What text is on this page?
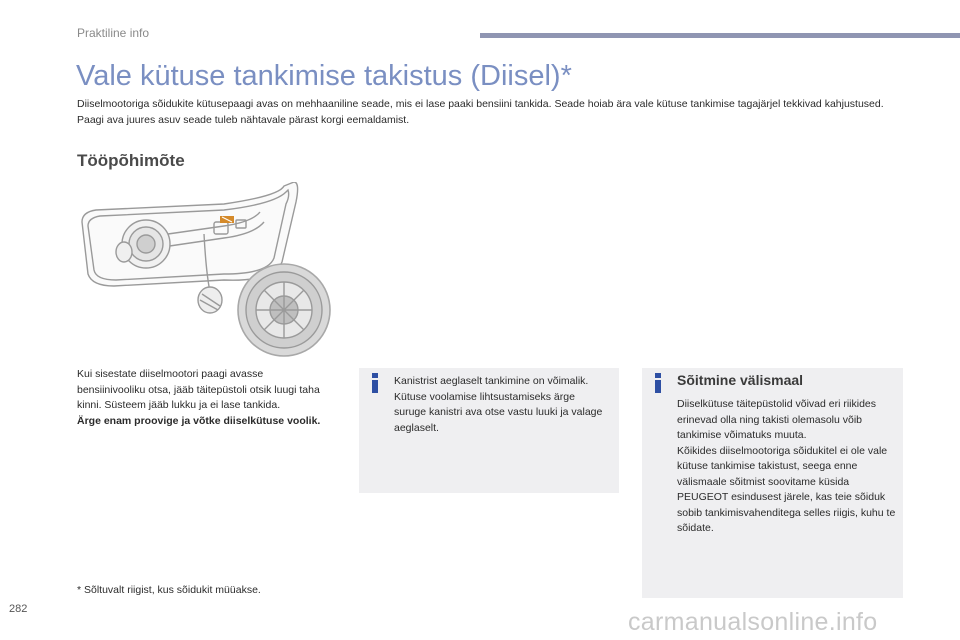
Praktiline info
Vale kütuse tankimise takistus (Diisel)*

Diiselmootoriga sõidukite kütusepaagi avas on mehhaaniline seade, mis ei lase paaki bensiini tankida. Seade hoiab ära vale kütuse tankimise tagajärjel tekkivad kahjustused.

Paagi ava juures asuv seade tuleb nähtavale pärast korgi eemaldamist.

Tööpõhimõte

Kui sisestate diiselmootori paagi avasse bensiinivooliku otsa, jääb täitepüstoli otsik luugi taha kinni. Süsteem jääb lukku ja ei lase tankida.

Ärge enam proovige ja võtke diiselkütuse voolik.

Kanistrist aeglaselt tankimine on võimalik.

Kütuse voolamise lihtsustamiseks ärge suruge kanistri ava otse vastu luuki ja valage aeglaselt.

Sõitmine välismaal

Diiselkütuse täitepüstolid võivad eri riikides erinevad olla ning takisti olemasolu võib tankimise võimatuks muuta.

Kõikides diiselmootoriga sõidukitel ei ole vale kütuse tankimise takistust, seega enne välismaale sõitmist soovitame küsida PEUGEOT esindusest järele, kas teie sõiduk sobib tankimisvahenditega selles riigis, kuhu te sõidate.

* Sõltuvalt riigist, kus sõidukit müüakse.
282	carmanualsonline.info
